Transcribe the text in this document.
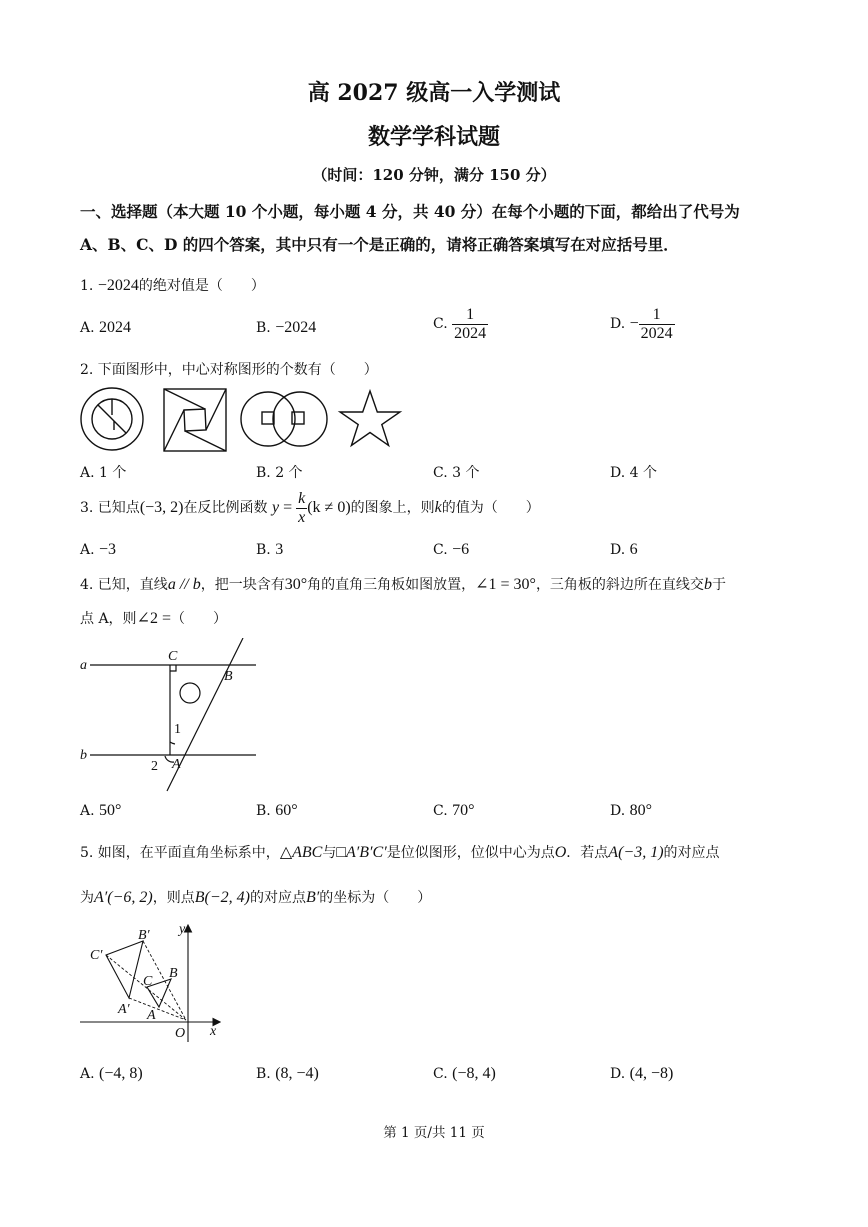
高 2027 级高一入学测试
数学学科试题
（时间：120 分钟，满分 150 分）
一、选择题（本大题 10 个小题，每小题 4 分，共 40 分）在每个小题的下面，都给出了代号为
A、B、C、D 的四个答案，其中只有一个是正确的，请将正确答案填写在对应括号里．
1. −2024的绝对值是（　　）
A. 2024	B. −2024	C. $\frac{1}{2024}$	D. − $\frac{1}{2024}$
2. 下面图形中，中心对称图形的个数有（　　）
A. 1 个	B. 2 个	C. 3 个	D. 4 个
3. 已知点(−3, 2)在反比例函数 $y = \frac{k}{x} (k \ne 0)$的图象上，则k的值为（　　）
A. −3	B. 3	C. −6	D. 6
4. 已知，直线a // b，把一块含有30°角的直角三角板如图放置，∠1 = 30°，三角板的斜边所在直线交b于
点 A，则∠2 =（　　）
a
b
C
B
A
1
2
A. 50°	B. 60°	C. 70°	D. 80°
5. 如图，在平面直角坐标系中，△ABC与□A′B′C′是位似图形，位似中心为点O．若点A(−3, 1)的对应点
为A′(−6, 2)，则点B(−2, 4)的对应点B′的坐标为（　　）
y
x
O
B′
C′
A′
C
B
A
A. (−4, 8)	B. (8, −4)	C. (−8, 4)	D. (4, −8)
第 1 页/共 11 页
